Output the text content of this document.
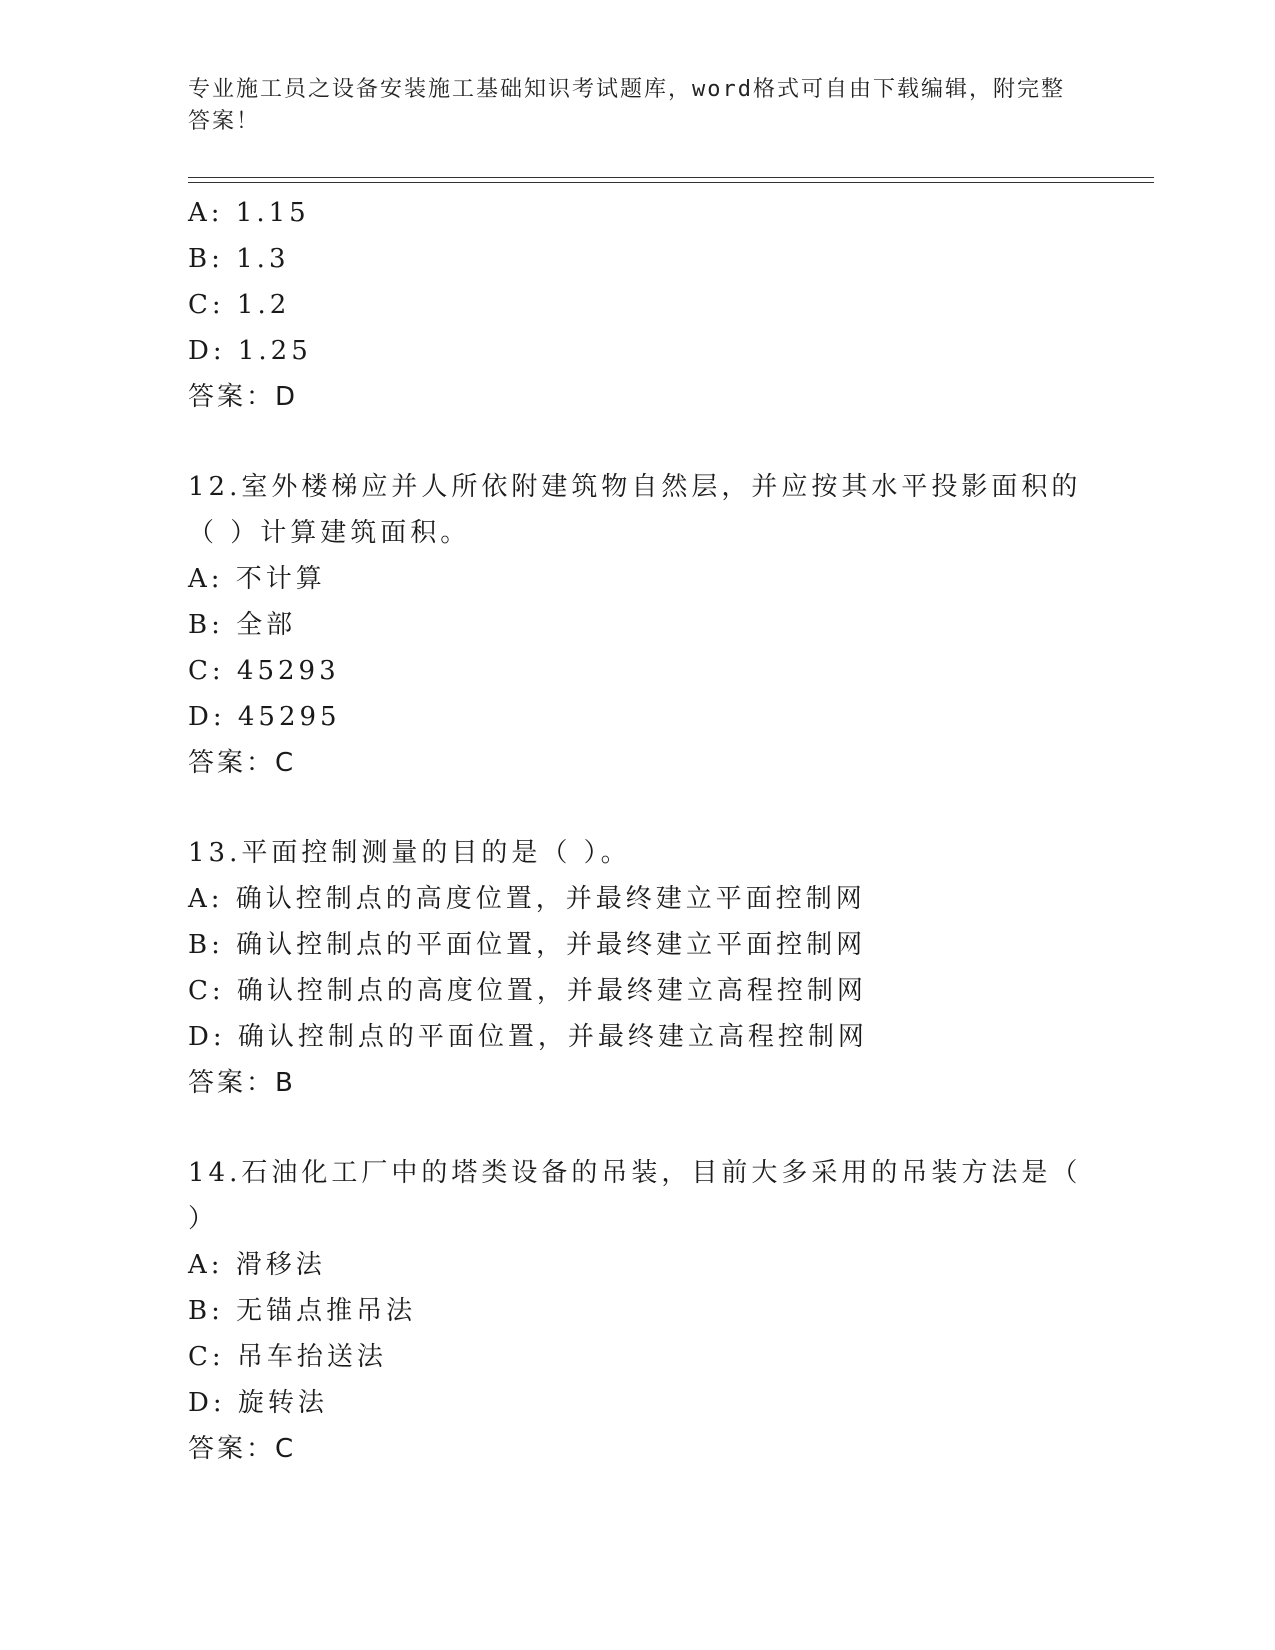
专业施工员之设备安装施工基础知识考试题库，word格式可自由下载编辑，附完整答案！
A: 1.15
B: 1.3
C: 1.2
D: 1.25
答案：D
12.室外楼梯应并人所依附建筑物自然层，并应按其水平投影面积的（ ）计算建筑面积。
A: 不计算
B: 全部
C: 45293
D: 45295
答案：C
13.平面控制测量的目的是（ ）。
A: 确认控制点的高度位置，并最终建立平面控制网
B: 确认控制点的平面位置，并最终建立平面控制网
C: 确认控制点的高度位置，并最终建立高程控制网
D: 确认控制点的平面位置，并最终建立高程控制网
答案：B
14.石油化工厂中的塔类设备的吊装，目前大多采用的吊装方法是（ ）
A: 滑移法
B: 无锚点推吊法
C: 吊车抬送法
D: 旋转法
答案：C
